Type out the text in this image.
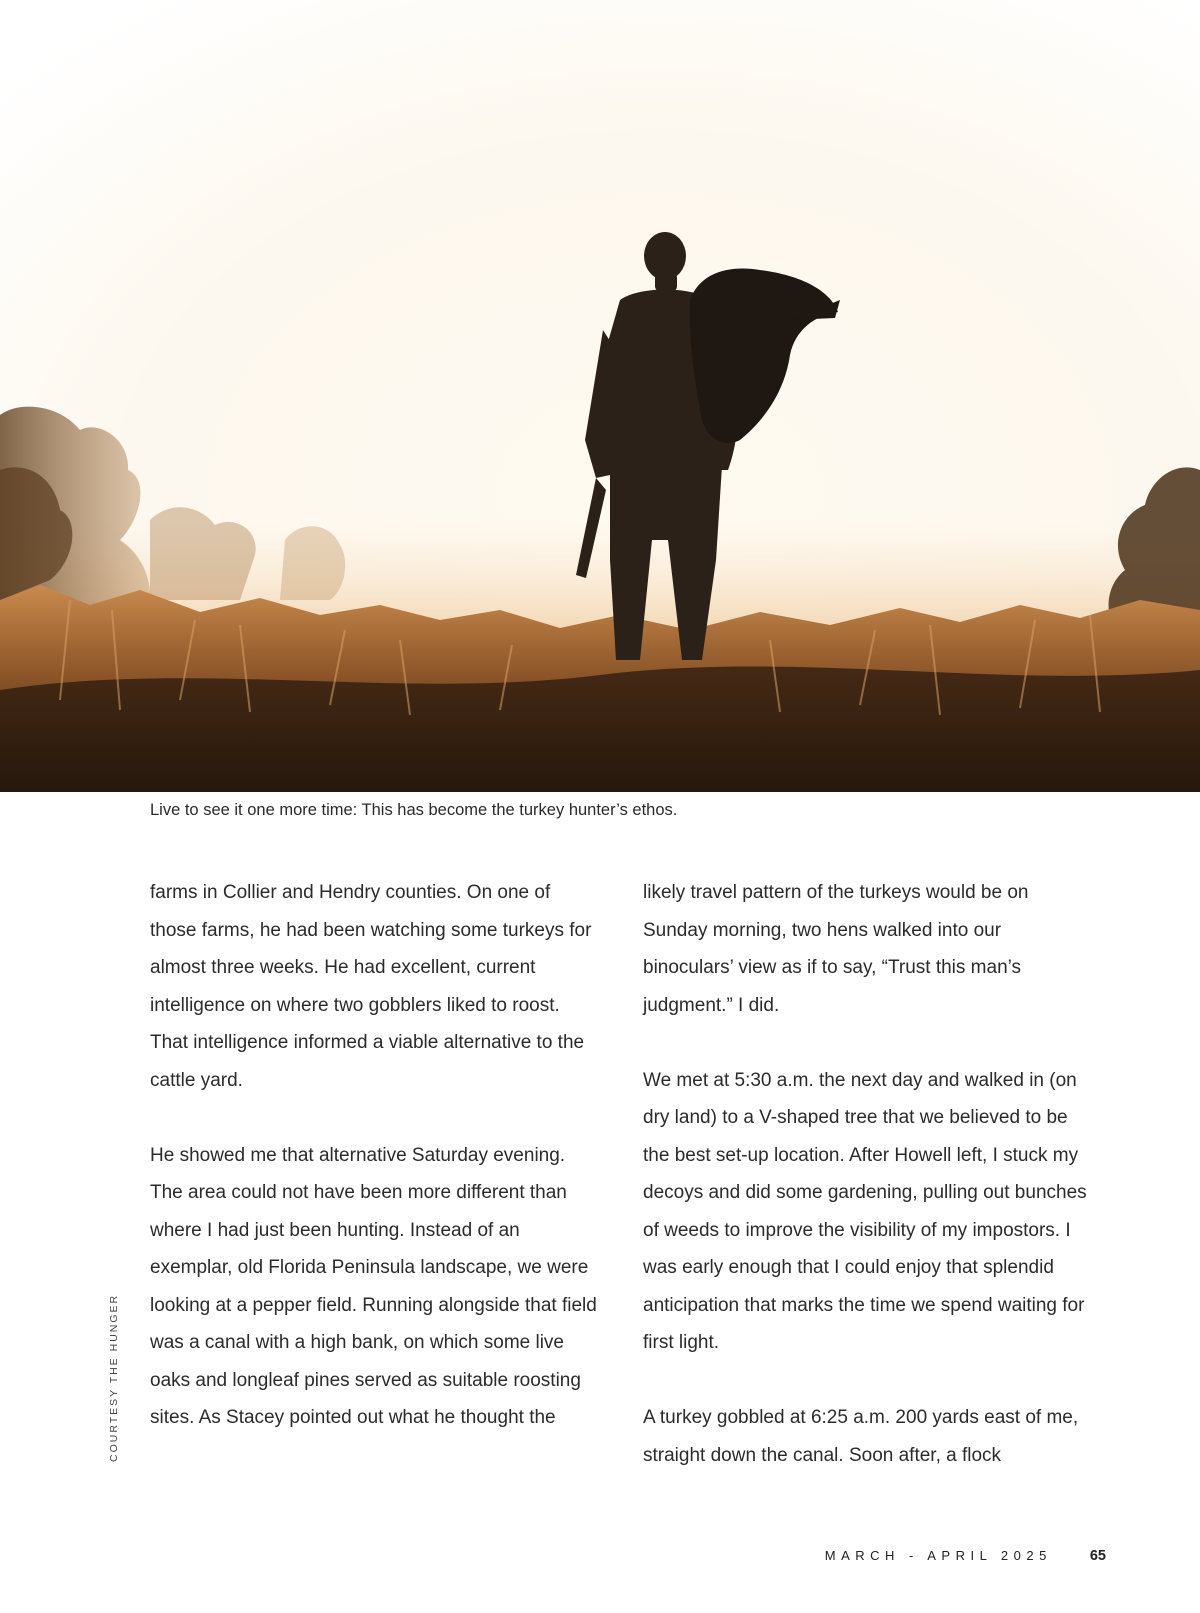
Live to see it one more time: This has become the turkey hunter’s ethos.

farms in Collier and Hendry counties. On one of those farms, he had been watching some turkeys for almost three weeks. He had excellent, current intelligence on where two gobblers liked to roost. That intelligence informed a viable alternative to the cattle yard.

He showed me that alternative Saturday evening. The area could not have been more different than where I had just been hunting. Instead of an exemplar, old Florida Peninsula landscape, we were looking at a pepper field. Running alongside that field was a canal with a high bank, on which some live oaks and longleaf pines served as suitable roosting sites. As Stacey pointed out what he thought the

likely travel pattern of the turkeys would be on Sunday morning, two hens walked into our binoculars’ view as if to say, “Trust this man’s judgment.” I did.

We met at 5:30 a.m. the next day and walked in (on dry land) to a V-shaped tree that we believed to be the best set-up location. After Howell left, I stuck my decoys and did some gardening, pulling out bunches of weeds to improve the visibility of my impostors. I was early enough that I could enjoy that splendid anticipation that marks the time we spend waiting for first light.

A turkey gobbled at 6:25 a.m. 200 yards east of me, straight down the canal. Soon after, a flock

COURTESY THE HUNGER
MARCH - APRIL 2025	65
